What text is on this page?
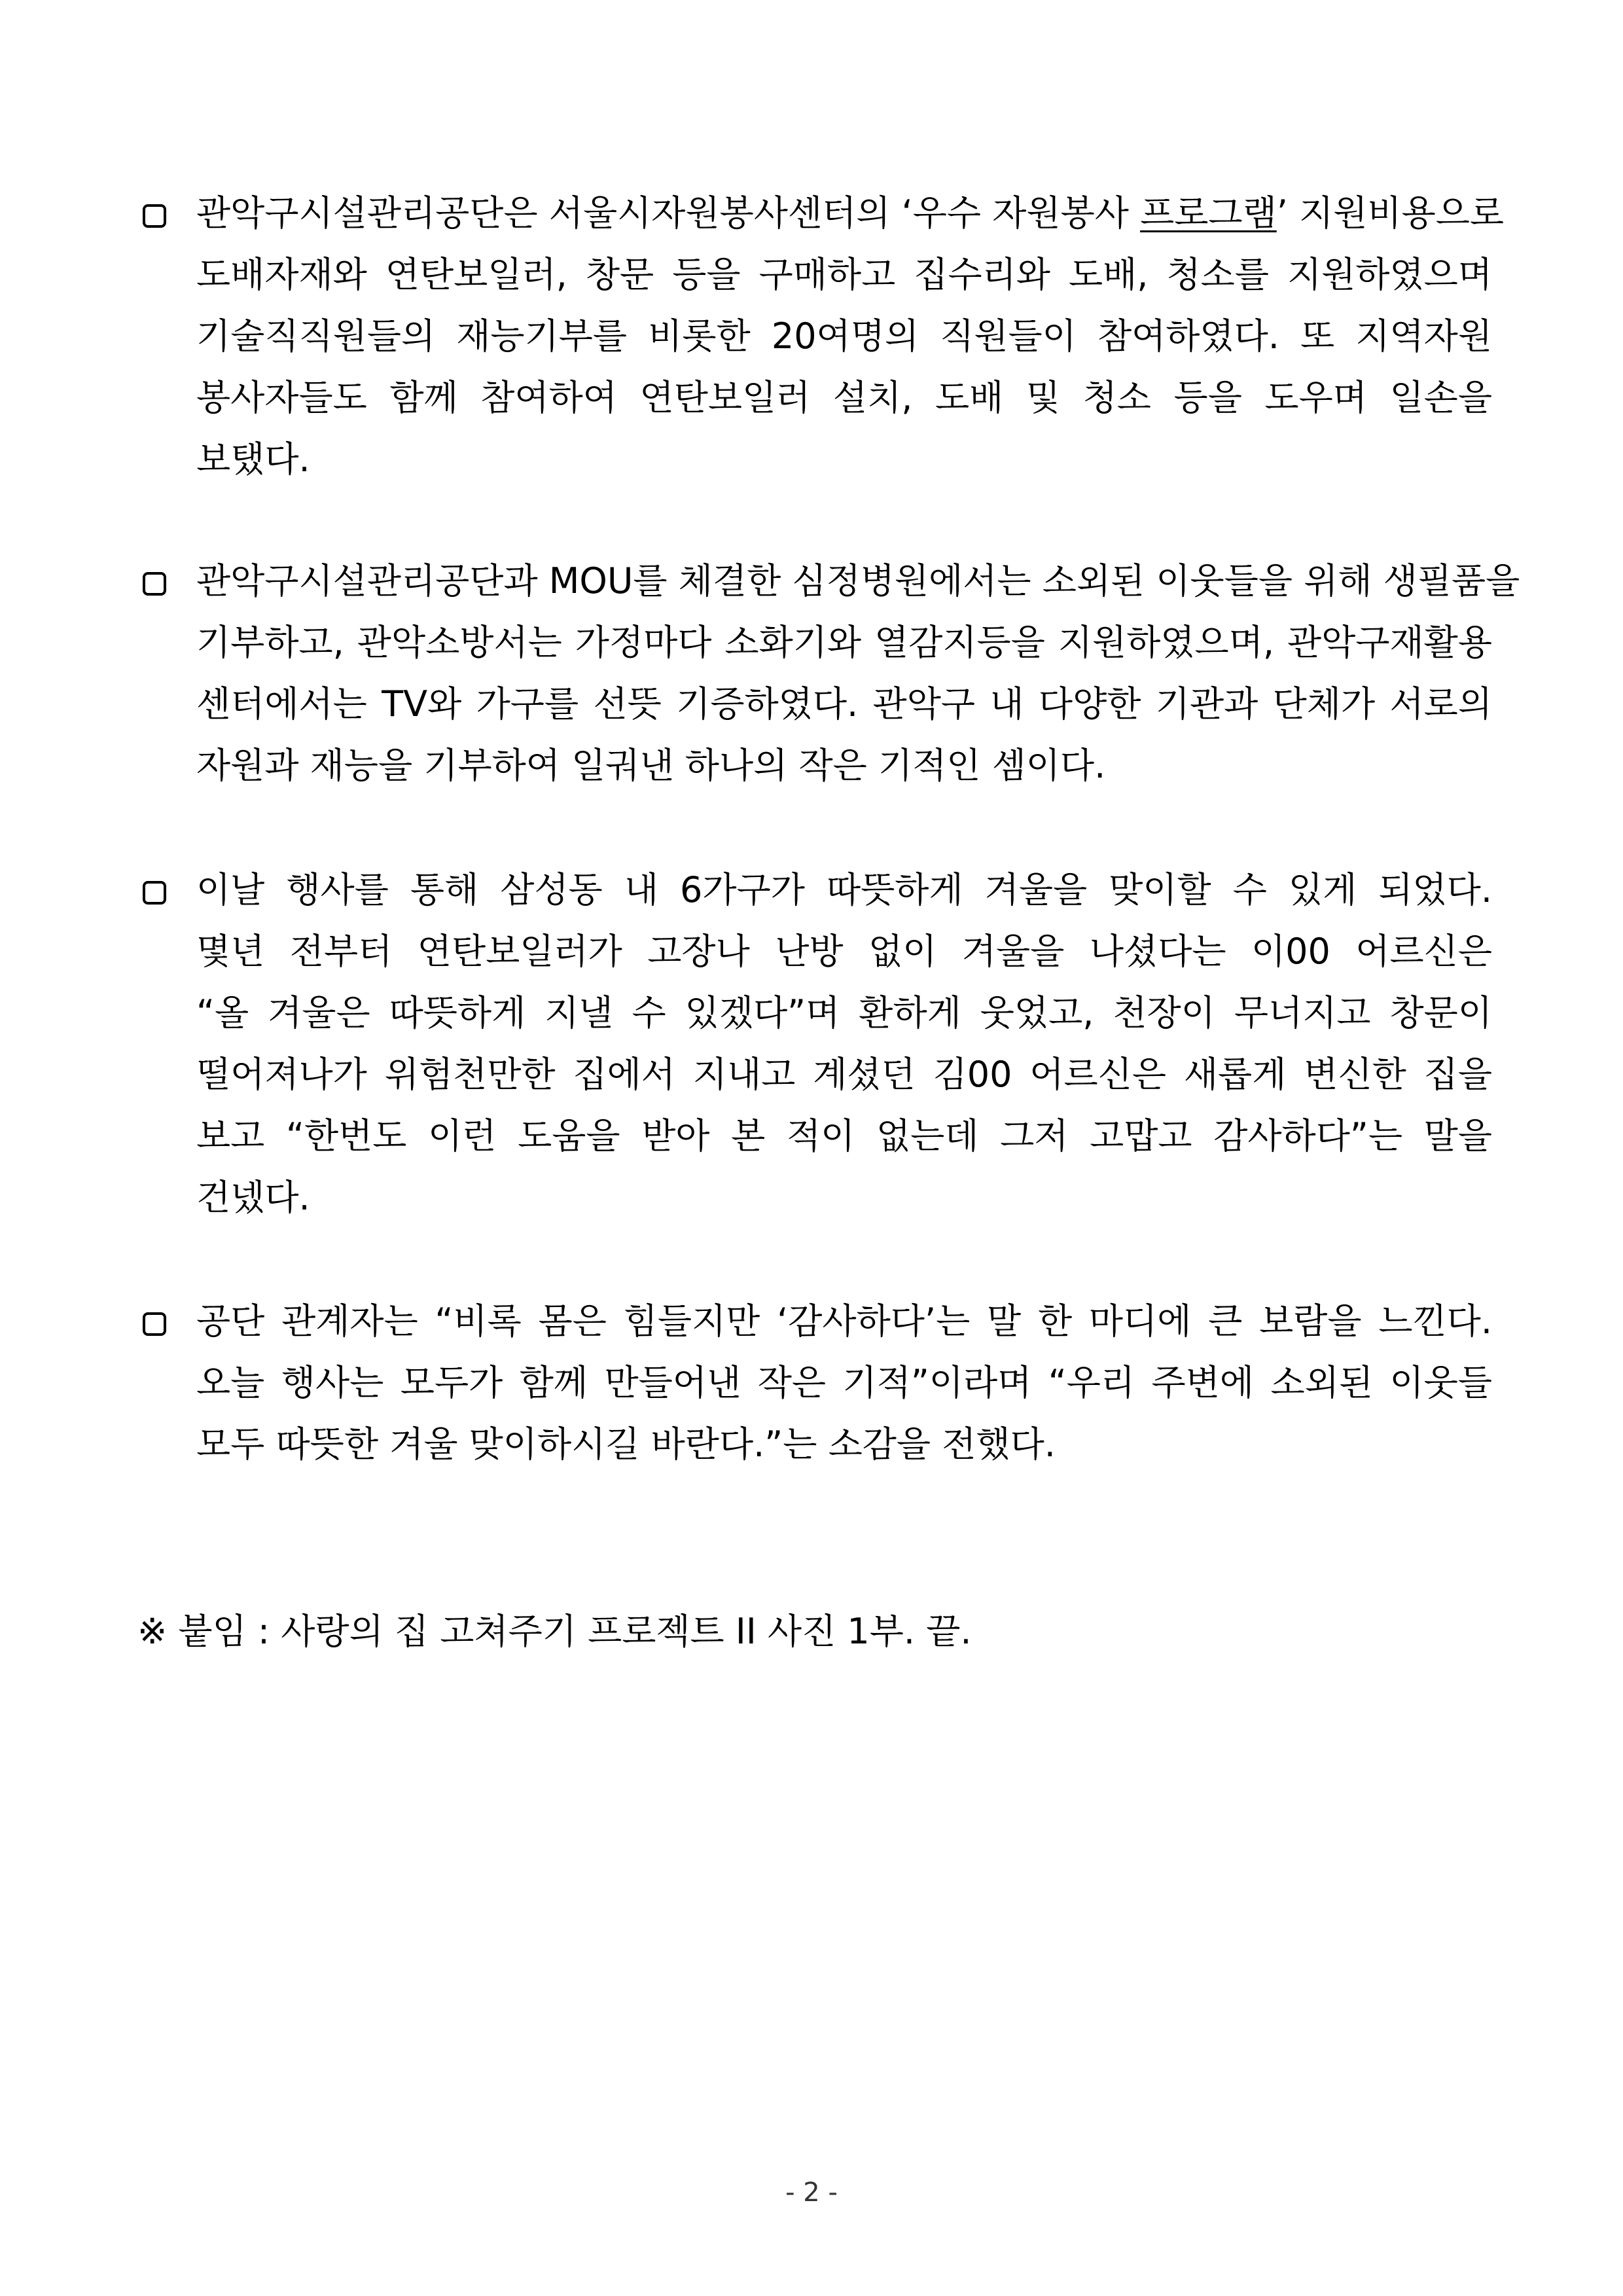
관악구시설관리공단은 서울시자원봉사센터의 ‘우수 자원봉사 프로그램’ 지원비용으로
도배자재와 연탄보일러, 창문 등을 구매하고 집수리와 도배, 청소를 지원하였으며
기술직직원들의 재능기부를 비롯한 20여명의 직원들이 참여하였다. 또 지역자원
봉사자들도 함께 참여하여 연탄보일러 설치, 도배 및 청소 등을 도우며 일손을
보탰다.
관악구시설관리공단과 MOU를 체결한 심정병원에서는 소외된 이웃들을 위해 생필품을
기부하고, 관악소방서는 가정마다 소화기와 열감지등을 지원하였으며, 관악구재활용
센터에서는 TV와 가구를 선뜻 기증하였다. 관악구 내 다양한 기관과 단체가 서로의
자원과 재능을 기부하여 일궈낸 하나의 작은 기적인 셈이다.
이날 행사를 통해 삼성동 내 6가구가 따뜻하게 겨울을 맞이할 수 있게 되었다.
몇년 전부터 연탄보일러가 고장나 난방 없이 겨울을 나셨다는 이00 어르신은
“올 겨울은 따뜻하게 지낼 수 있겠다”며 환하게 웃었고, 천장이 무너지고 창문이
떨어져나가 위험천만한 집에서 지내고 계셨던 김00 어르신은 새롭게 변신한 집을
보고 “한번도 이런 도움을 받아 본 적이 없는데 그저 고맙고 감사하다”는 말을
건넸다.
공단 관계자는 “비록 몸은 힘들지만 ‘감사하다’는 말 한 마디에 큰 보람을 느낀다.
오늘 행사는 모두가 함께 만들어낸 작은 기적”이라며 “우리 주변에 소외된 이웃들
모두 따뜻한 겨울 맞이하시길 바란다.”는 소감을 전했다.
※ 붙임 : 사랑의 집 고쳐주기 프로젝트 II 사진 1부. 끝.
- 2 -
